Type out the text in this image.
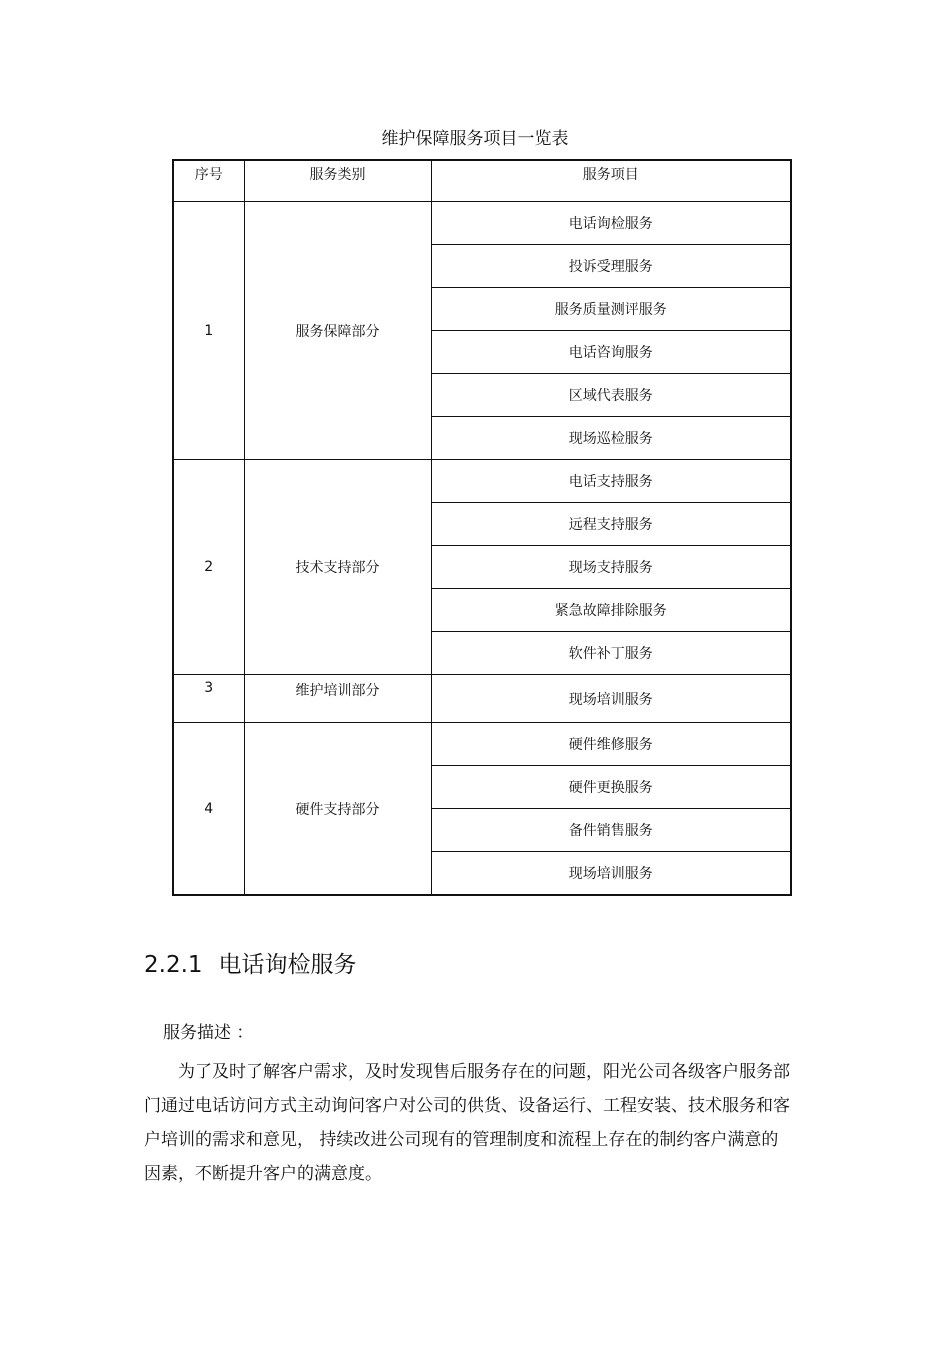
维护保障服务项目一览表
序号	服务类别	服务项目
1	服务保障部分	电话询检服务
		投诉受理服务
		服务质量测评服务
		电话咨询服务
		区域代表服务
		现场巡检服务
2	技术支持部分	电话支持服务
		远程支持服务
		现场支持服务
		紧急故障排除服务
		软件补丁服务
3	维护培训部分	现场培训服务
4	硬件支持部分	硬件维修服务
		硬件更换服务
		备件销售服务
		现场培训服务
2.2.1 电话询检服务
服务描述 ：
为了及时了解客户需求，及时发现售后服务存在的问题，阳光公司各级客户服务部门通过电话访问方式主动询问客户对公司的供货、设备运行、工程安装、技术服务和客户培训的需求和意见， 持续改进公司现有的管理制度和流程上存在的制约客户满意的因素，不断提升客户的满意度。
